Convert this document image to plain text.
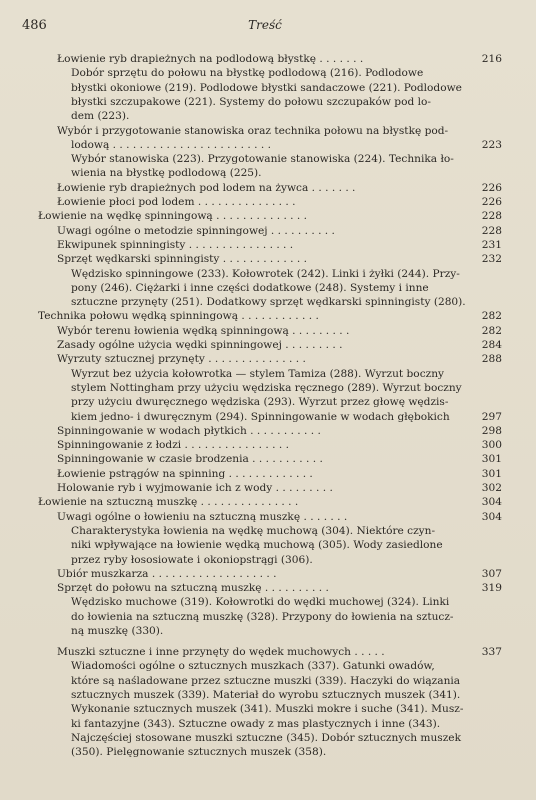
486	Treść
Łowienie ryb drapieżnych na podlodową błystkę . . . . . . .	216
Dobór sprzętu do połowu na błystkę podlodową (216). Podlodowe
błystki okoniowe (219). Podlodowe błystki sandaczowe (221). Podlodowe
błystki szczupakowe (221). Systemy do połowu szczupaków pod lo-
dem (223).
Wybór i przygotowanie stanowiska oraz technika połowu na błystkę pod-
lodową . . . . . . . . . . . . . . . . . . . . . . . .	223
Wybór stanowiska (223). Przygotowanie stanowiska (224). Technika ło-
wienia na błystkę podlodową (225).
Łowienie ryb drapieżnych pod lodem na żywca . . . . . . .	226
Łowienie płoci pod lodem . . . . . . . . . . . . . . .	226
Łowienie na wędkę spinningową . . . . . . . . . . . . . .	228
Uwagi ogólne o metodzie spinningowej . . . . . . . . . .	228
Ekwipunek spinningisty . . . . . . . . . . . . . . . .	231
Sprzęt wędkarski spinningisty . . . . . . . . . . . . .	232
Wędzisko spinningowe (233). Kołowrotek (242). Linki i żyłki (244). Przy-
pony (246). Ciężarki i inne części dodatkowe (248). Systemy i inne
sztuczne przynęty (251). Dodatkowy sprzęt wędkarski spinningisty (280).
Technika połowu wędką spinningową . . . . . . . . . . . .	282
Wybór terenu łowienia wędką spinningową . . . . . . . . .	282
Zasady ogólne użycia wędki spinningowej . . . . . . . . .	284
Wyrzuty sztucznej przynęty . . . . . . . . . . . . . . .	288
Wyrzut bez użycia kołowrotka — stylem Tamiza (288). Wyrzut boczny
stylem Nottingham przy użyciu wędziska ręcznego (289). Wyrzut boczny
przy użyciu dwuręcznego wędziska (293). Wyrzut przez głowę wędzis-
kiem jedno- i dwuręcznym (294). Spinningowanie w wodach głębokich	297
Spinningowanie w wodach płytkich . . . . . . . . . . .	298
Spinningowanie z łodzi . . . . . . . . . . . . . . . .	300
Spinningowanie w czasie brodzenia . . . . . . . . . . .	301
Łowienie pstrągów na spinning . . . . . . . . . . . . .	301
Holowanie ryb i wyjmowanie ich z wody . . . . . . . . .	302
Łowienie na sztuczną muszkę . . . . . . . . . . . . . . .	304
Uwagi ogólne o łowieniu na sztuczną muszkę . . . . . . .	304
Charakterystyka łowienia na wędkę muchową (304). Niektóre czyn-
niki wpływające na łowienie wędką muchową (305). Wody zasiedlone
przez ryby łososiowate i okoniopstrągi (306).
Ubiór muszkarza . . . . . . . . . . . . . . . . . . .	307
Sprzęt do połowu na sztuczną muszkę . . . . . . . . . .	319
Wędzisko muchowe (319). Kołowrotki do wędki muchowej (324). Linki
do łowienia na sztuczną muszkę (328). Przypony do łowienia na sztucz-
ną muszkę (330).
Muszki sztuczne i inne przynęty do wędek muchowych . . . . .	337
Wiadomości ogólne o sztucznych muszkach (337). Gatunki owadów,
które są naśladowane przez sztuczne muszki (339). Haczyki do wiązania
sztucznych muszek (339). Materiał do wyrobu sztucznych muszek (341).
Wykonanie sztucznych muszek (341). Muszki mokre i suche (341). Musz-
ki fantazyjne (343). Sztuczne owady z mas plastycznych i inne (343).
Najczęściej stosowane muszki sztuczne (345). Dobór sztucznych muszek
(350). Pielęgnowanie sztucznych muszek (358).
